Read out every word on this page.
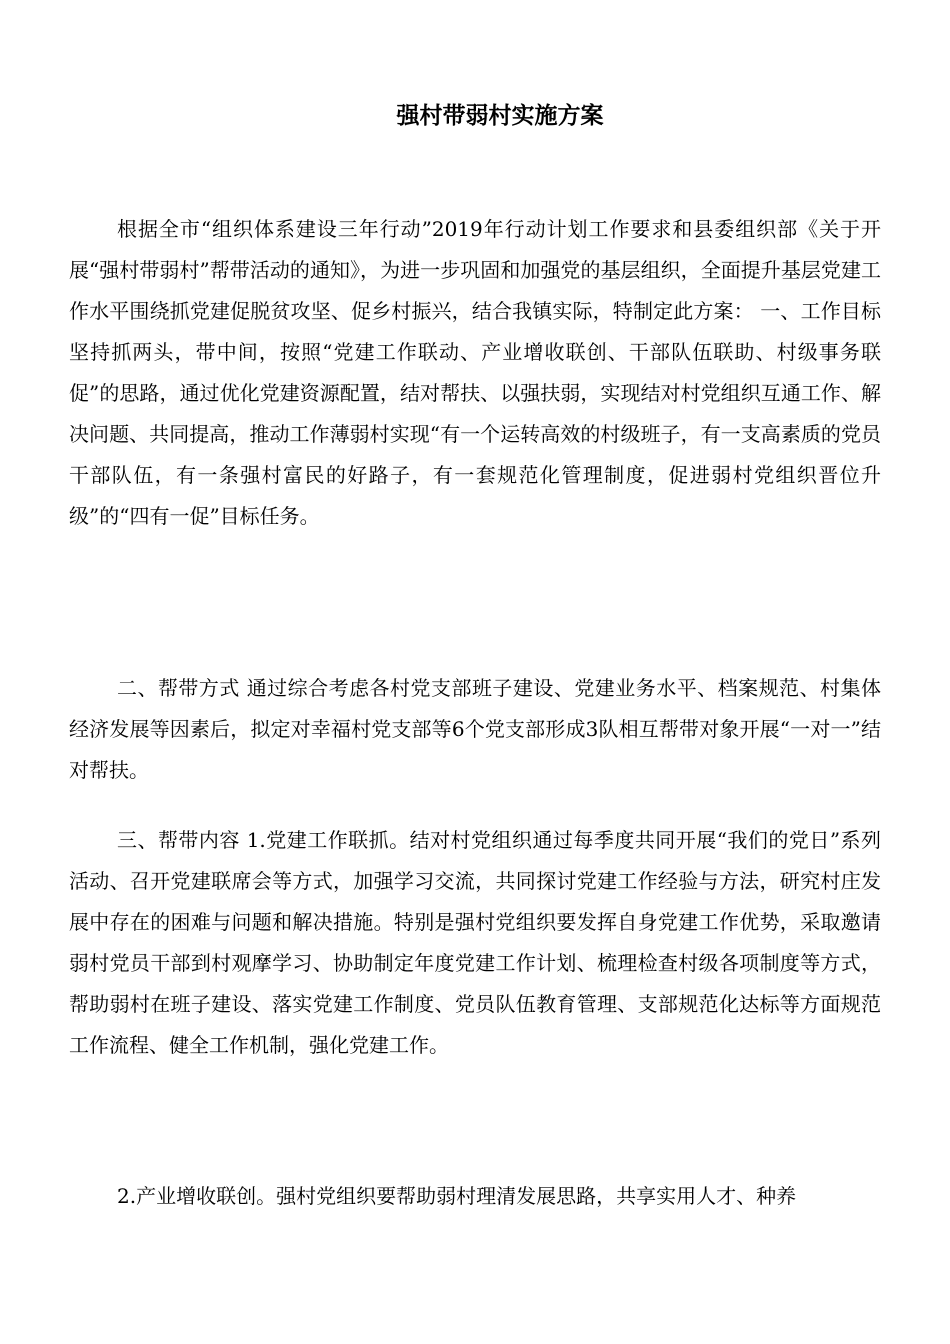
强村带弱村实施方案

根据全市“组织体系建设三年行动”2019年行动计划工作要求和县委组织部《关于开展“强村带弱村”帮带活动的通知》，为进一步巩固和加强党的基层组织，全面提升基层党建工作水平围绕抓党建促脱贫攻坚、促乡村振兴，结合我镇实际，特制定此方案： 一、工作目标 坚持抓两头，带中间，按照“党建工作联动、产业增收联创、干部队伍联助、村级事务联促”的思路，通过优化党建资源配置，结对帮扶、以强扶弱，实现结对村党组织互通工作、解决问题、共同提高，推动工作薄弱村实现“有一个运转高效的村级班子，有一支高素质的党员干部队伍，有一条强村富民的好路子，有一套规范化管理制度，促进弱村党组织晋位升级”的“四有一促”目标任务。

二、帮带方式 通过综合考虑各村党支部班子建设、党建业务水平、档案规范、村集体经济发展等因素后，拟定对幸福村党支部等6个党支部形成3队相互帮带对象开展“一对一”结对帮扶。

三、帮带内容 1.党建工作联抓。结对村党组织通过每季度共同开展“我们的党日”系列活动、召开党建联席会等方式，加强学习交流，共同探讨党建工作经验与方法，研究村庄发展中存在的困难与问题和解决措施。特别是强村党组织要发挥自身党建工作优势，采取邀请弱村党员干部到村观摩学习、协助制定年度党建工作计划、梳理检查村级各项制度等方式，帮助弱村在班子建设、落实党建工作制度、党员队伍教育管理、支部规范化达标等方面规范工作流程、健全工作机制，强化党建工作。

2.产业增收联创。强村党组织要帮助弱村理清发展思路，共享实用人才、种养
